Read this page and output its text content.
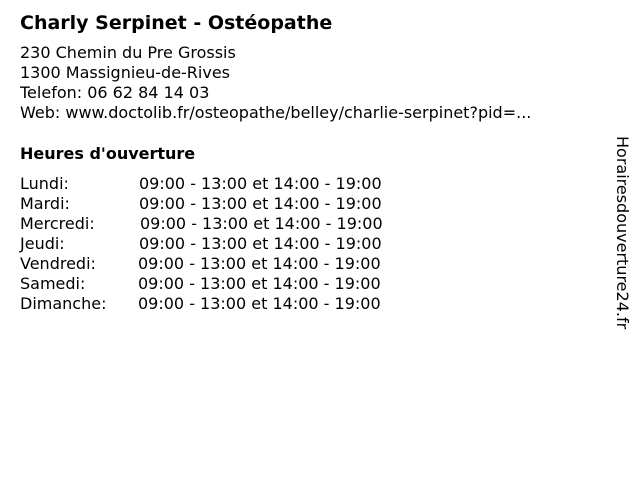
Charly Serpinet - Ostéopathe
230 Chemin du Pre Grossis
1300 Massignieu-de-Rives
Telefon: 06 62 84 14 03
Web: www.doctolib.fr/osteopathe/belley/charlie-serpinet?pid=...
Heures d'ouverture
Lundi:	09:00 - 13:00 et 14:00 - 19:00
Mardi:	09:00 - 13:00 et 14:00 - 19:00
Mercredi:	09:00 - 13:00 et 14:00 - 19:00
Jeudi:	09:00 - 13:00 et 14:00 - 19:00
Vendredi:	09:00 - 13:00 et 14:00 - 19:00
Samedi:	09:00 - 13:00 et 14:00 - 19:00
Dimanche: 09:00 - 13:00 et 14:00 - 19:00	Horairesdouverture24.fr
